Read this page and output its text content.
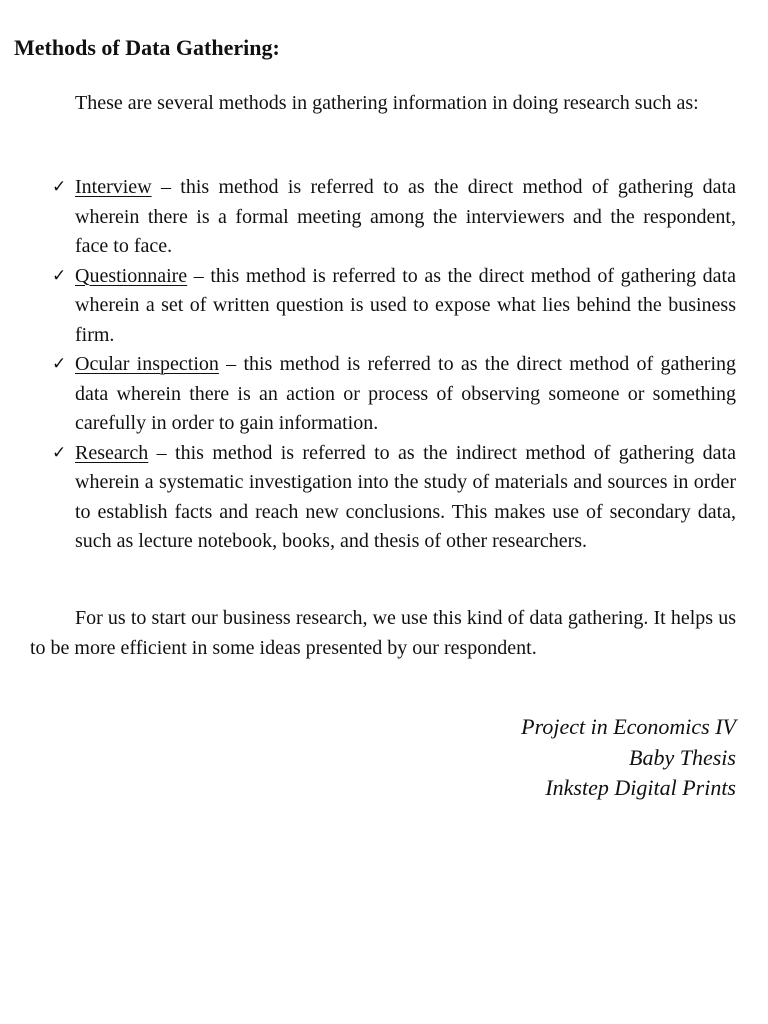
Methods of Data Gathering:

These are several methods in gathering information in doing research such as:

✓ Interview – this method is referred to as the direct method of gathering data wherein there is a formal meeting among the interviewers and the respondent, face to face.
✓ Questionnaire – this method is referred to as the direct method of gathering data wherein a set of written question is used to expose what lies behind the business firm.
✓ Ocular inspection – this method is referred to as the direct method of gathering data wherein there is an action or process of observing someone or something carefully in order to gain information.
✓ Research – this method is referred to as the indirect method of gathering data wherein a systematic investigation into the study of materials and sources in order to establish facts and reach new conclusions. This makes use of secondary data, such as lecture notebook, books, and thesis of other researchers.

For us to start our business research, we use this kind of data gathering. It helps us to be more efficient in some ideas presented by our respondent.

Project in Economics IV
Baby Thesis
Inkstep Digital Prints
